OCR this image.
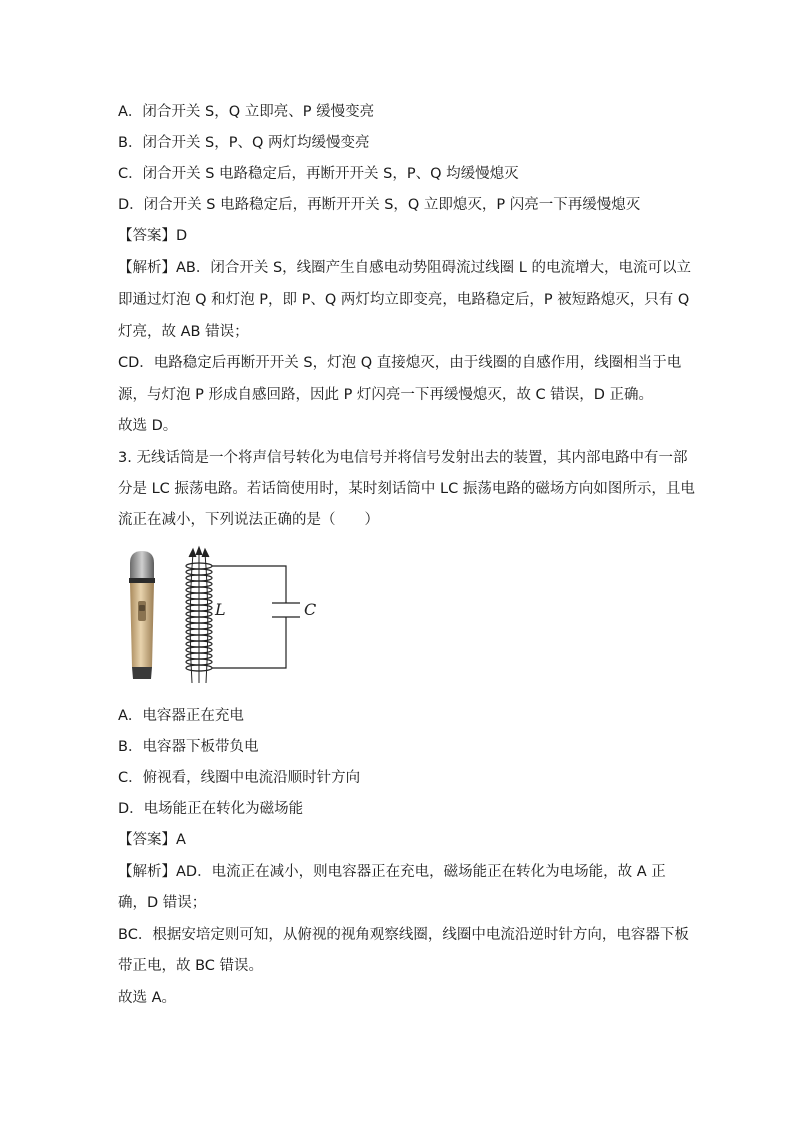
A．闭合开关 S，Q 立即亮、P 缓慢变亮
B．闭合开关 S，P、Q 两灯均缓慢变亮
C．闭合开关 S 电路稳定后，再断开开关 S，P、Q 均缓慢熄灭
D．闭合开关 S 电路稳定后，再断开开关 S，Q 立即熄灭，P 闪亮一下再缓慢熄灭
【答案】D
【解析】AB．闭合开关 S，线圈产生自感电动势阻碍流过线圈 L 的电流增大，电流可以立
即通过灯泡 Q 和灯泡 P，即 P、Q 两灯均立即变亮，电路稳定后，P 被短路熄灭，只有 Q
灯亮，故 AB 错误；
CD．电路稳定后再断开开关 S，灯泡 Q 直接熄灭，由于线圈的自感作用，线圈相当于电
源，与灯泡 P 形成自感回路，因此 P 灯闪亮一下再缓慢熄灭，故 C 错误，D 正确。
故选 D。
3. 无线话筒是一个将声信号转化为电信号并将信号发射出去的装置，其内部电路中有一部
分是 LC 振荡电路。若话筒使用时，某时刻话筒中 LC 振荡电路的磁场方向如图所示，且电
流正在减小，下列说法正确的是（　　）
L	C
A．电容器正在充电
B．电容器下板带负电
C．俯视看，线圈中电流沿顺时针方向
D．电场能正在转化为磁场能
【答案】A
【解析】AD．电流正在减小，则电容器正在充电，磁场能正在转化为电场能，故 A 正
确，D 错误；
BC．根据安培定则可知，从俯视的视角观察线圈，线圈中电流沿逆时针方向，电容器下板
带正电，故 BC 错误。
故选 A。
